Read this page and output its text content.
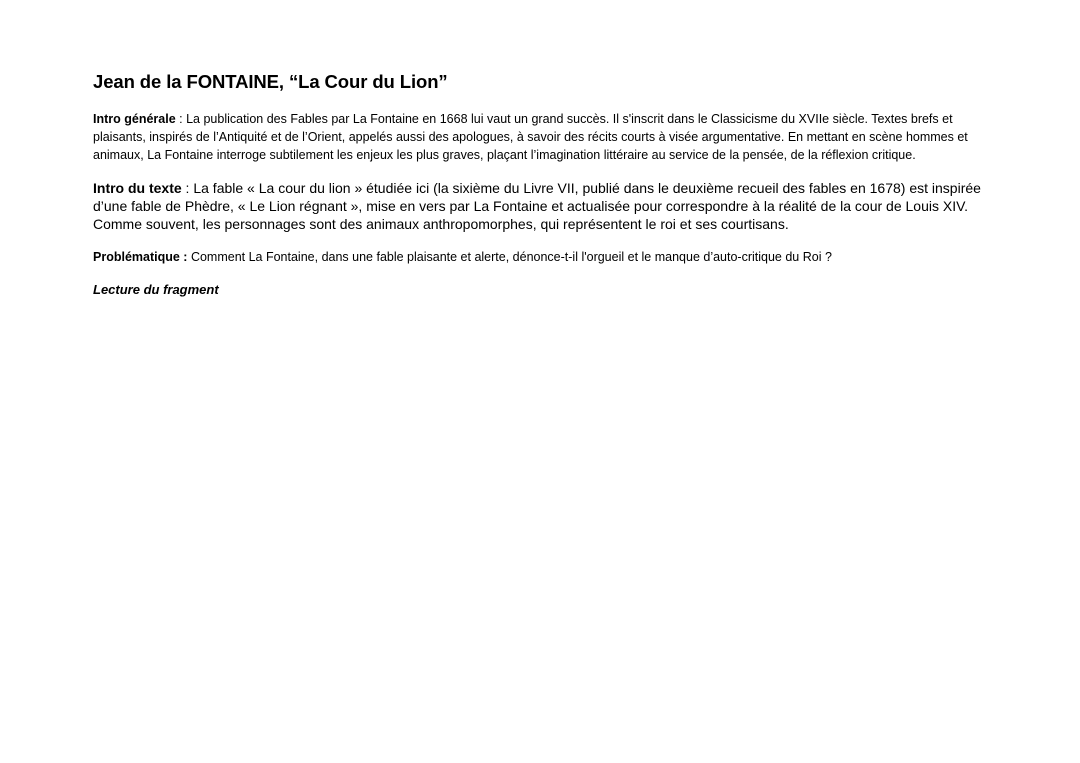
Jean de la FONTAINE, “La Cour du Lion”

Intro générale : La publication des Fables par La Fontaine en 1668 lui vaut un grand succès. Il s'inscrit dans le Classicisme du XVIIe siècle. Textes brefs et plaisants, inspirés de l’Antiquité et de l’Orient, appelés aussi des apologues, à savoir des récits courts à visée argumentative. En mettant en scène hommes et animaux, La Fontaine interroge subtilement les enjeux les plus graves, plaçant l’imagination littéraire au service de la pensée, de la réflexion critique.

Intro du texte : La fable « La cour du lion » étudiée ici (la sixième du Livre VII, publié dans le deuxième recueil des fables en 1678) est inspirée d’une fable de Phèdre, « Le Lion régnant », mise en vers par La Fontaine et actualisée pour correspondre à la réalité de la cour de Louis XIV. Comme souvent, les personnages sont des animaux anthropomorphes, qui représentent le roi et ses courtisans.

Problématique : Comment La Fontaine, dans une fable plaisante et alerte, dénonce-t-il l'orgueil et le manque d’auto-critique du Roi ?

Lecture du fragment
